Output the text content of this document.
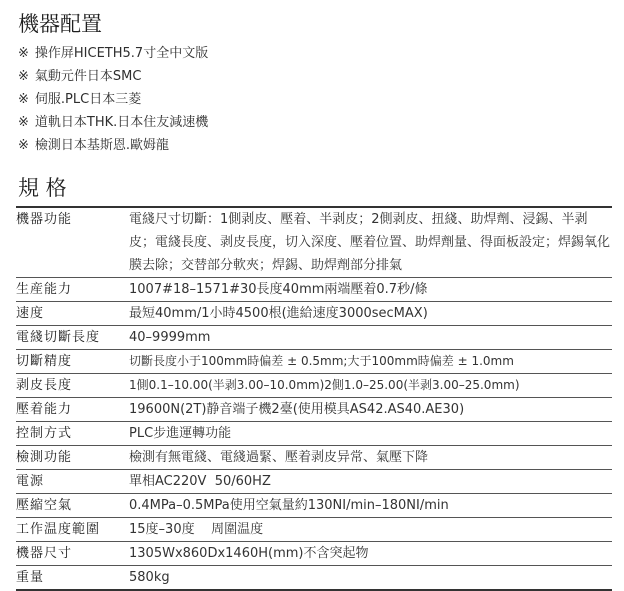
機器配置
※ 操作屏HICETH5.7寸全中文版
※ 氣動元件日本SMC
※ 伺服.PLC日本三菱
※ 道軌日本THK.日本住友減速機
※ 檢測日本基斯恩.歐姆龍
規 格
機器功能	電綫尺寸切斷：1側剥皮、壓着、半剥皮；2側剥皮、扭綫、助焊劑、浸錫、半剥皮；電綫長度、剥皮長度，切入深度、壓着位置、助焊劑量、得面板設定；焊錫氧化膜去除；交替部分軟夾；焊錫、助焊劑部分排氣
生産能力	1007#18–1571#30長度40mm兩端壓着0.7秒/條
速度	最短40mm/1小時4500根(進給速度3000secMAX)
電綫切斷長度	40–9999mm
切斷精度	切斷長度小于100mm時偏差 ± 0.5mm;大于100mm時偏差 ± 1.0mm
剥皮長度	1側0.1–10.00(半剥3.00–10.0mm)2側1.0–25.00(半剥3.00–25.0mm)
壓着能力	19600N(2T)静音端子機2臺(使用模具AS42.AS40.AE30)
控制方式	PLC步進運轉功能
檢測功能	檢測有無電綫、電綫過緊、壓着剥皮异常、氣壓下降
電源	單相AC220V  50/60HZ
壓縮空氣	0.4MPa–0.5MPa使用空氣量約130NI/min–180NI/min
工作温度範圍	15度–30度    周圍温度
機器尺寸	1305Wx860Dx1460H(mm)不含突起物
重量	580kg
